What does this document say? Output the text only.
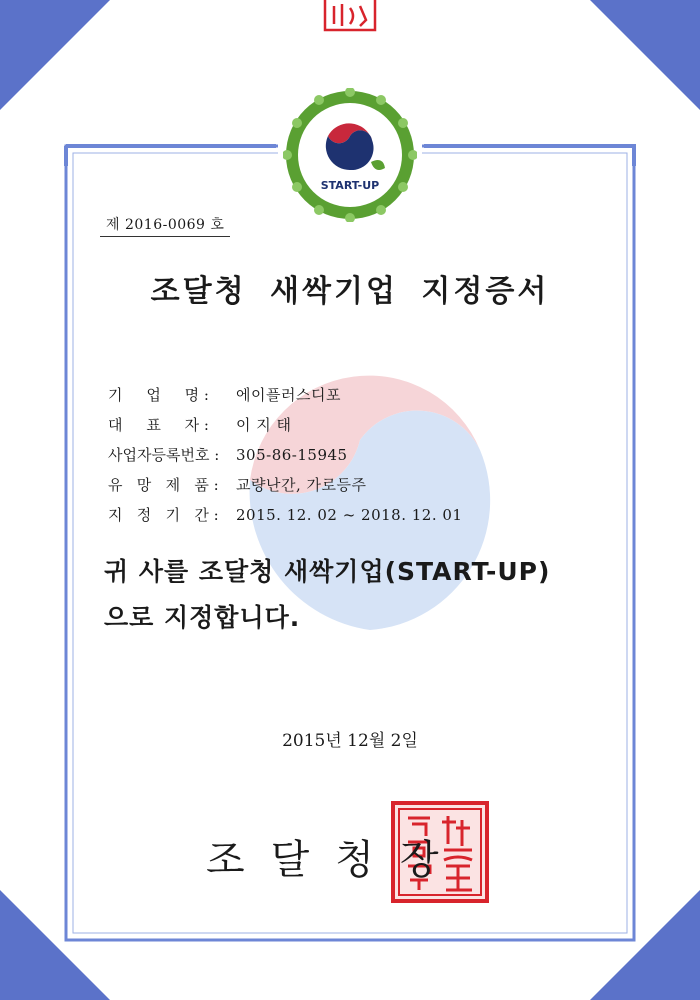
START-UP
제 2016-0069 호
조달청 새싹기업 지정증서
기     업     명 :	에이플러스디포
대     표     자 :	이 지 태
사업자등록번호 :	305-86-15945
유   망   제   품 :	교량난간, 가로등주
지   정   기   간 :	2015. 12. 02 ~ 2018. 12. 01
귀 사를 조달청 새싹기업(START-UP)
으로 지정합니다.
2015년 12월 2일
조달청장
